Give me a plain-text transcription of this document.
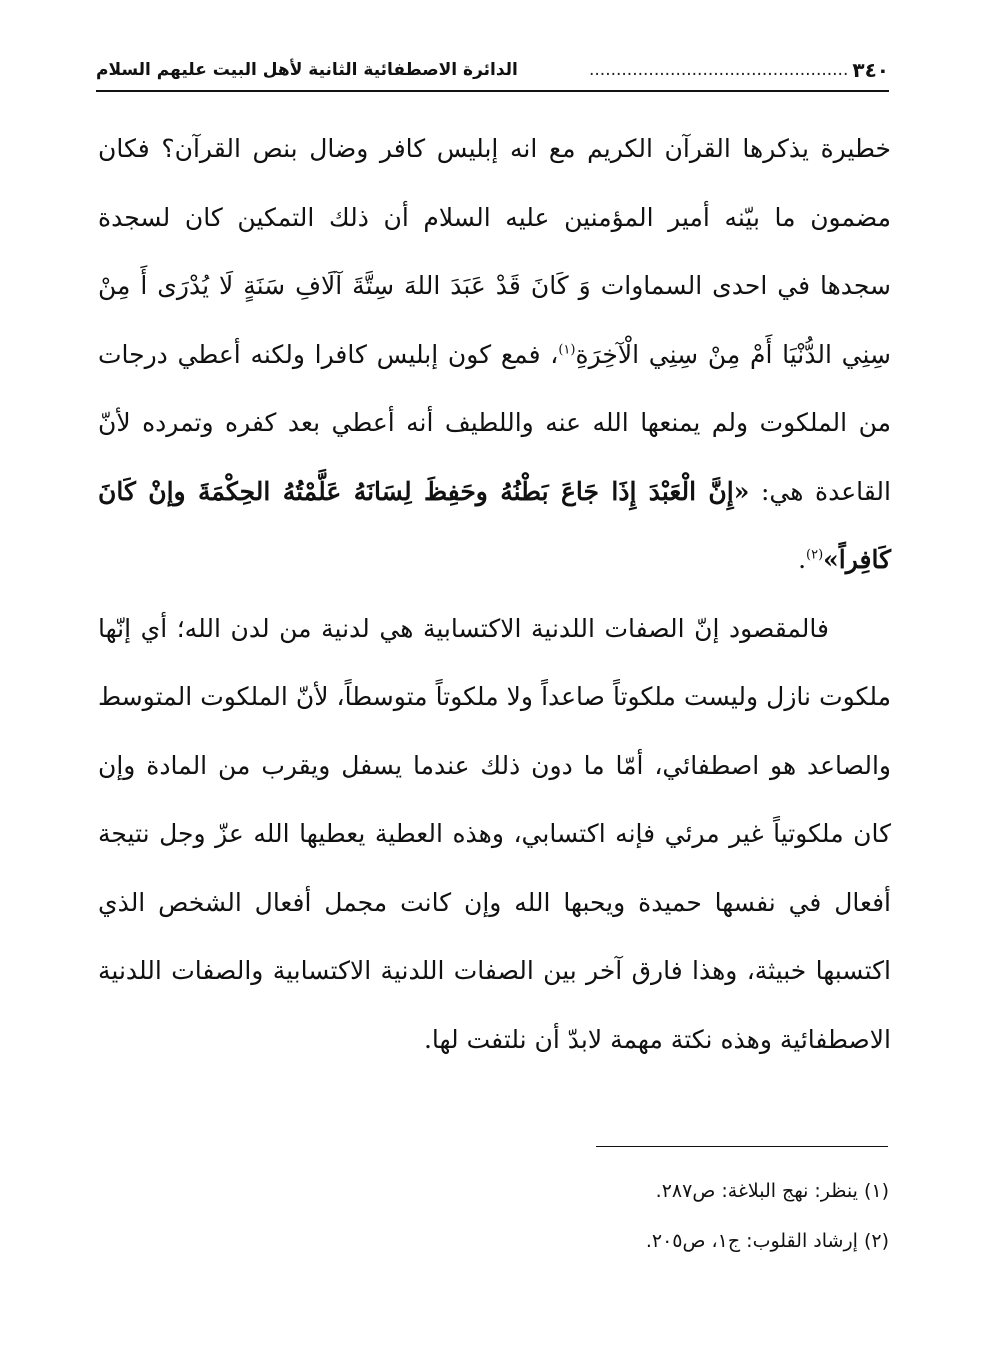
٣٤٠
................................................
الدائرة الاصطفائية الثانية لأهل البيت عليهم السلام

خطيرة يذكرها القرآن الكريم مع انه إبليس كافر وضال بنص القرآن؟ فكان مضمون ما بيّنه أمير المؤمنين عليه السلام أن ذلك التمكين كان لسجدة سجدها في احدى السماوات وَ كَانَ قَدْ عَبَدَ اللهَ سِتَّةَ آلَافِ سَنَةٍ لَا يُدْرَى أَ مِنْ سِنِي الدُّنْيَا أَمْ مِنْ سِنِي الْآخِرَةِ$^{(١)}$، فمع كون إبليس كافرا ولكنه أعطي درجات من الملكوت ولم يمنعها الله عنه واللطيف أنه أعطي بعد كفره وتمرده لأنّ القاعدة هي: «إِنَّ الْعَبْدَ إِذَا جَاعَ بَطْنُهُ وحَفِظَ لِسَانَهُ عَلَّمْتُهُ الحِكْمَةَ وإنْ كَانَ كَافِراً»$^{(٢)}$.

فالمقصود إنّ الصفات اللدنية الاكتسابية هي لدنية من لدن الله؛ أي إنّها ملكوت نازل وليست ملكوتاً صاعداً ولا ملكوتاً متوسطاً، لأنّ الملكوت المتوسط والصاعد هو اصطفائي، أمّا ما دون ذلك عندما يسفل ويقرب من المادة وإن كان ملكوتياً غير مرئي فإنه اكتسابي، وهذه العطية يعطيها الله عزّ وجل نتيجة أفعال في نفسها حميدة ويحبها الله وإن كانت مجمل أفعال الشخص الذي اكتسبها خبيثة، وهذا فارق آخر بين الصفات اللدنية الاكتسابية والصفات اللدنية الاصطفائية وهذه نكتة مهمة لابدّ أن نلتفت لها.

(١) ينظر: نهج البلاغة: ص٢٨٧.
(٢) إرشاد القلوب: ج١، ص٢٠٥.
